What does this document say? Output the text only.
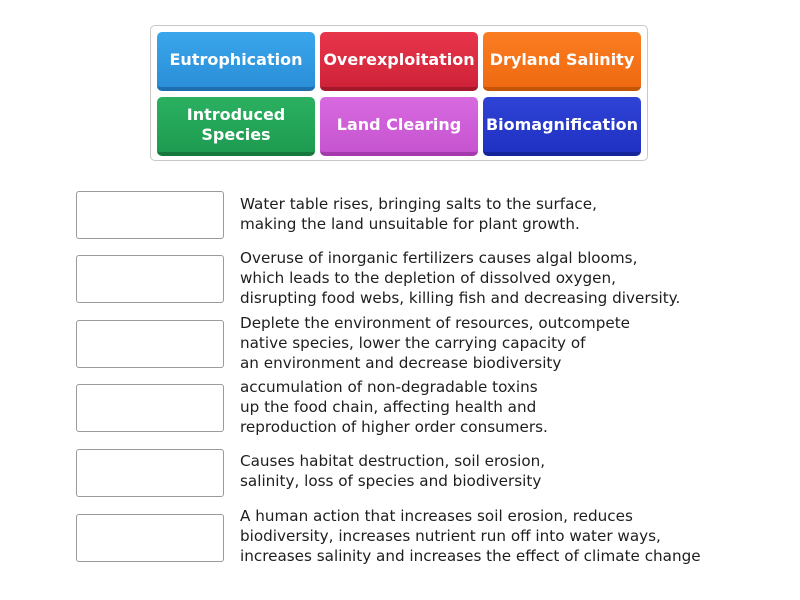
Eutrophication	Overexploitation Dryland Salinity
Introduced
Species
Land Clearing	Biomagnification
Water table rises, bringing salts to the surface,
making the land unsuitable for plant growth.
Overuse of inorganic fertilizers causes algal blooms,
which leads to the depletion of dissolved oxygen,
disrupting food webs, killing fish and decreasing diversity.
Deplete the environment of resources, outcompete
native species, lower the carrying capacity of
an environment and decrease biodiversity
accumulation of non-degradable toxins
up the food chain, affecting health and
reproduction of higher order consumers.
Causes habitat destruction, soil erosion,
salinity, loss of species and biodiversity
A human action that increases soil erosion, reduces
biodiversity, increases nutrient run off into water ways,
increases salinity and increases the effect of climate change
